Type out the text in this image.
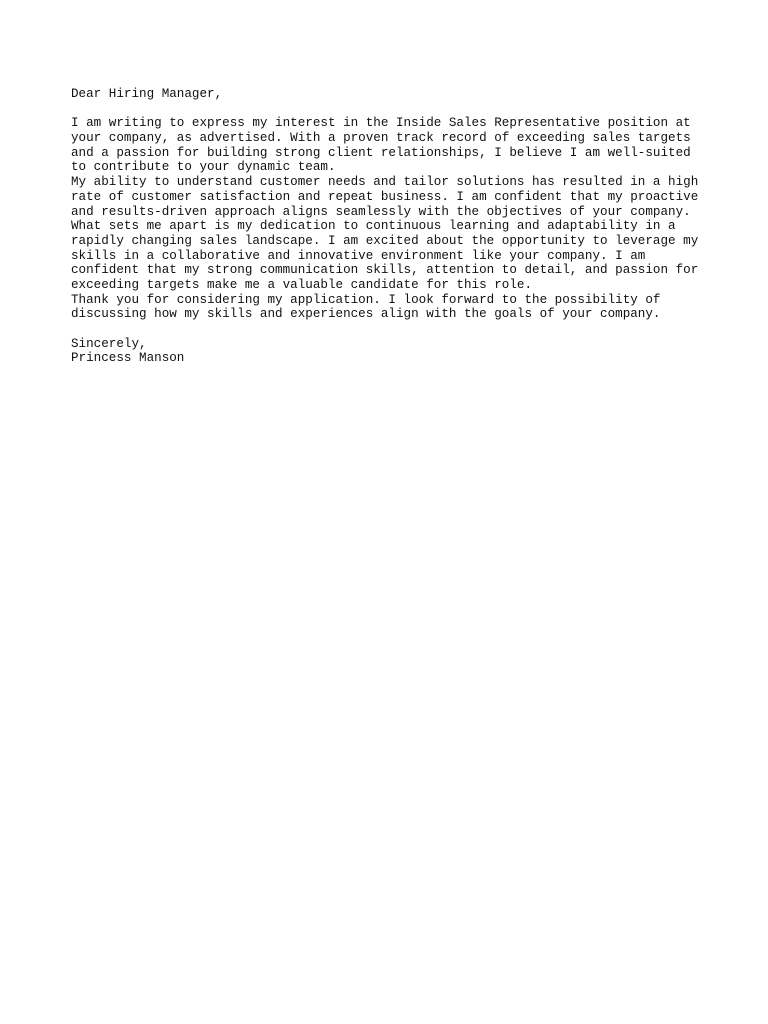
Dear Hiring Manager,
I am writing to express my interest in the Inside Sales Representative position at
your company, as advertised. With a proven track record of exceeding sales targets
and a passion for building strong client relationships, I believe I am well-suited
to contribute to your dynamic team.
My ability to understand customer needs and tailor solutions has resulted in a high
rate of customer satisfaction and repeat business. I am confident that my proactive
and results-driven approach aligns seamlessly with the objectives of your company.
What sets me apart is my dedication to continuous learning and adaptability in a
rapidly changing sales landscape. I am excited about the opportunity to leverage my
skills in a collaborative and innovative environment like your company. I am
confident that my strong communication skills, attention to detail, and passion for
exceeding targets make me a valuable candidate for this role.
Thank you for considering my application. I look forward to the possibility of
discussing how my skills and experiences align with the goals of your company.
Sincerely,
Princess Manson
